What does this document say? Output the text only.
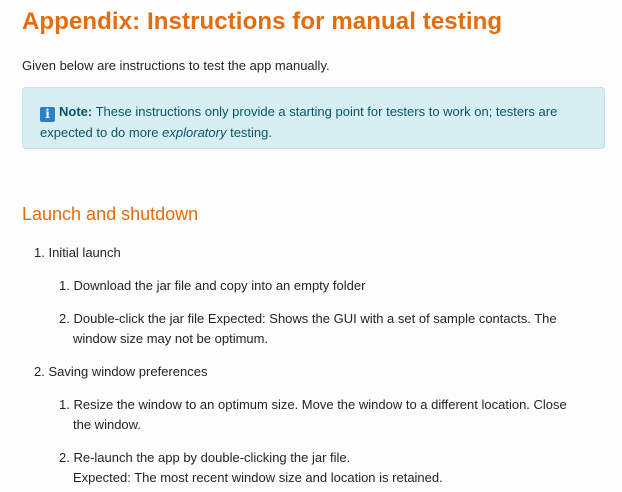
Appendix: Instructions for manual testing

Given below are instructions to test the app manually.

i Note: These instructions only provide a starting point for testers to work on; testers are expected to do more exploratory testing.
Launch and shutdown
1. Initial launch
1. Download the jar file and copy into an empty folder
2. Double-click the jar file Expected: Shows the GUI with a set of sample contacts. The
window size may not be optimum.
2. Saving window preferences
1. Resize the window to an optimum size. Move the window to a different location. Close
the window.
2. Re-launch the app by double-clicking the jar file.
Expected: The most recent window size and location is retained.
